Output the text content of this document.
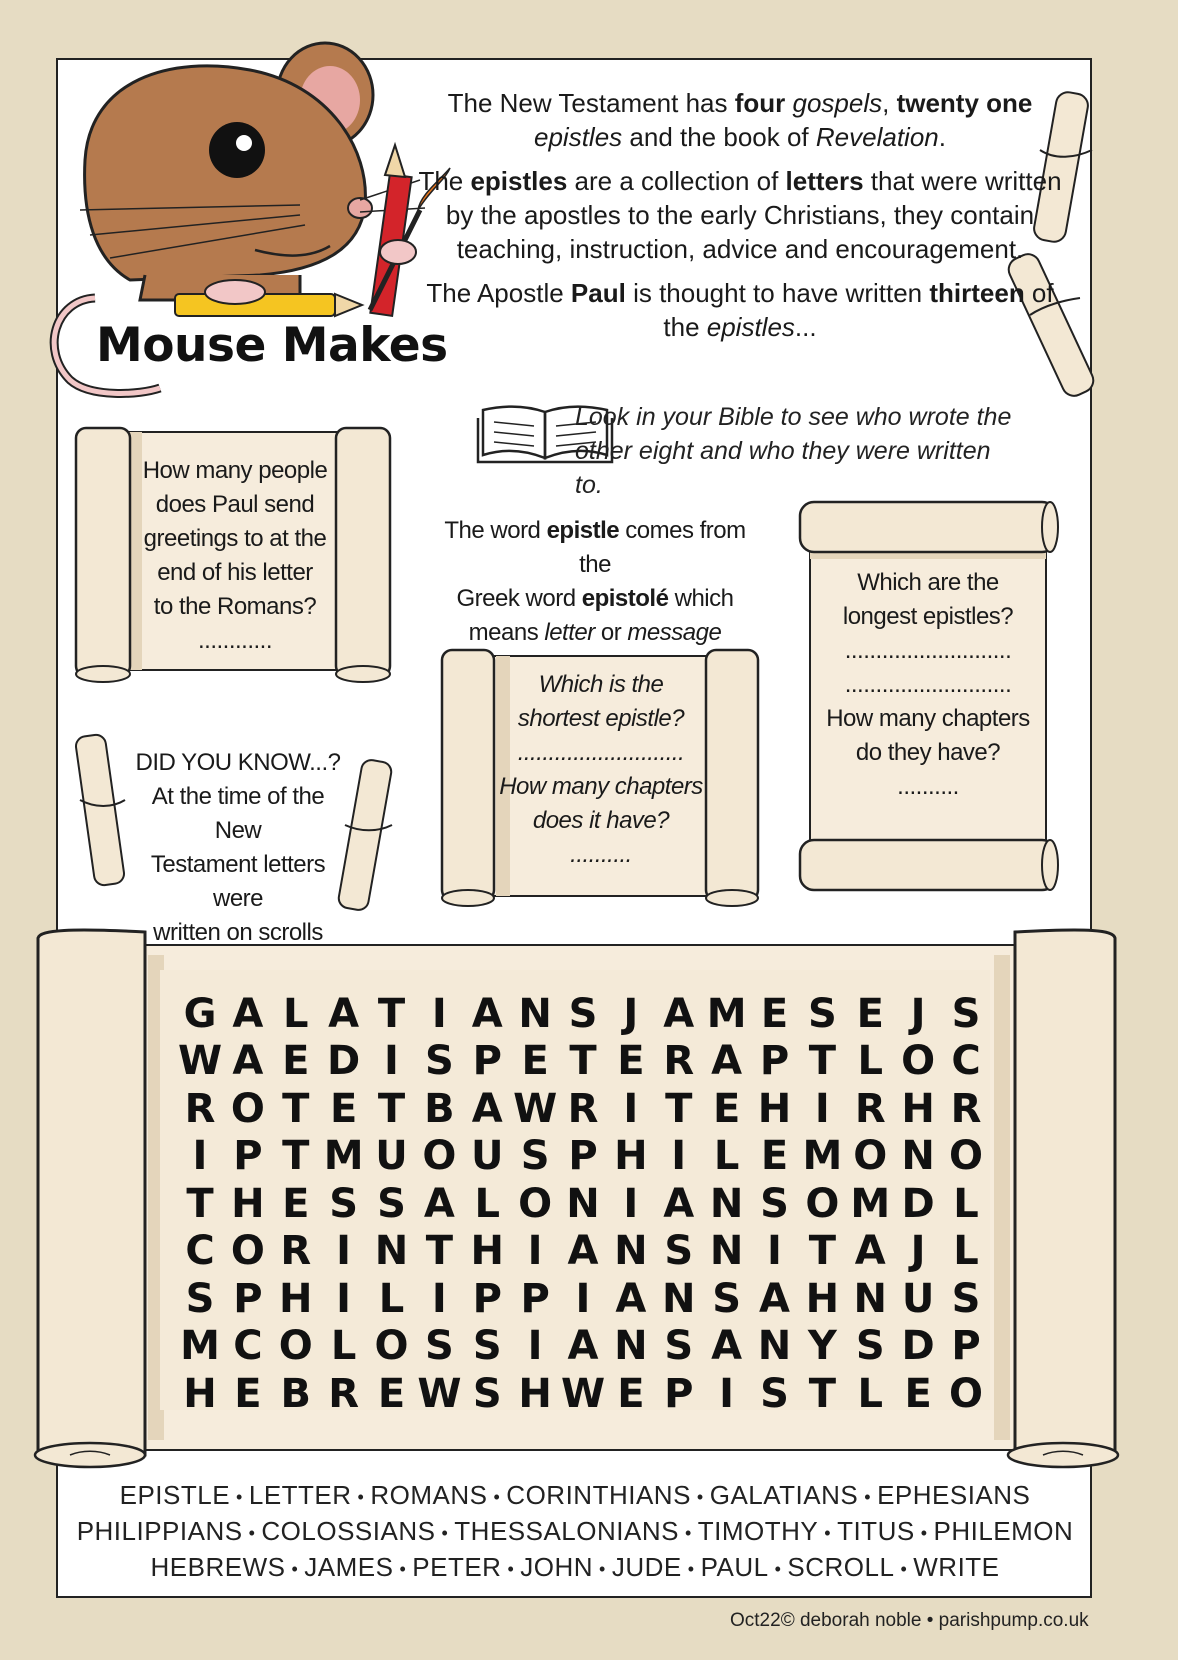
Mouse Makes

The New Testament has four gospels, twenty one epistles and the book of Revelation.

The epistles are a collection of letters that were written by the apostles to the early Christians, they contain teaching, instruction, advice and encouragement.

The Apostle Paul is thought to have written thirteen of the epistles...

Look in your Bible to see who wrote the other eight and who they were written to.
How many people
does Paul send
greetings to at the
end of his letter
to the Romans?
............
The word epistle comes from the
Greek word epistolé which
means letter or message
Which are the
longest epistles?
...........................
...........................
How many chapters
do they have?
..........
Which is the
shortest epistle?
...........................
How many chapters
does it have?
..........
DID YOU KNOW...?
At the time of the New
Testament letters were
written on scrolls
G A L A T I A N S J A M E S E J S
W A E D I S P E T E R A P T L O C
R O T E T B A W R I T E H I R H R
I P T M U O U S P H I L E M O N O
T H E S S A L O N I A N S O M D L
C O R I N T H I A N S N I T A J L
S P H I L I P P I A N S A H N U S
M C O L O S S I A N S A N Y S D P
H E B R E W S H W E P I S T L E O
EPISTLE • LETTER • ROMANS • CORINTHIANS • GALATIANS • EPHESIANS
PHILIPPIANS • COLOSSIANS • THESSALONIANS • TIMOTHY • TITUS • PHILEMON
HEBREWS • JAMES • PETER • JOHN • JUDE • PAUL • SCROLL • WRITE
Oct22© deborah noble • parishpump.co.uk
